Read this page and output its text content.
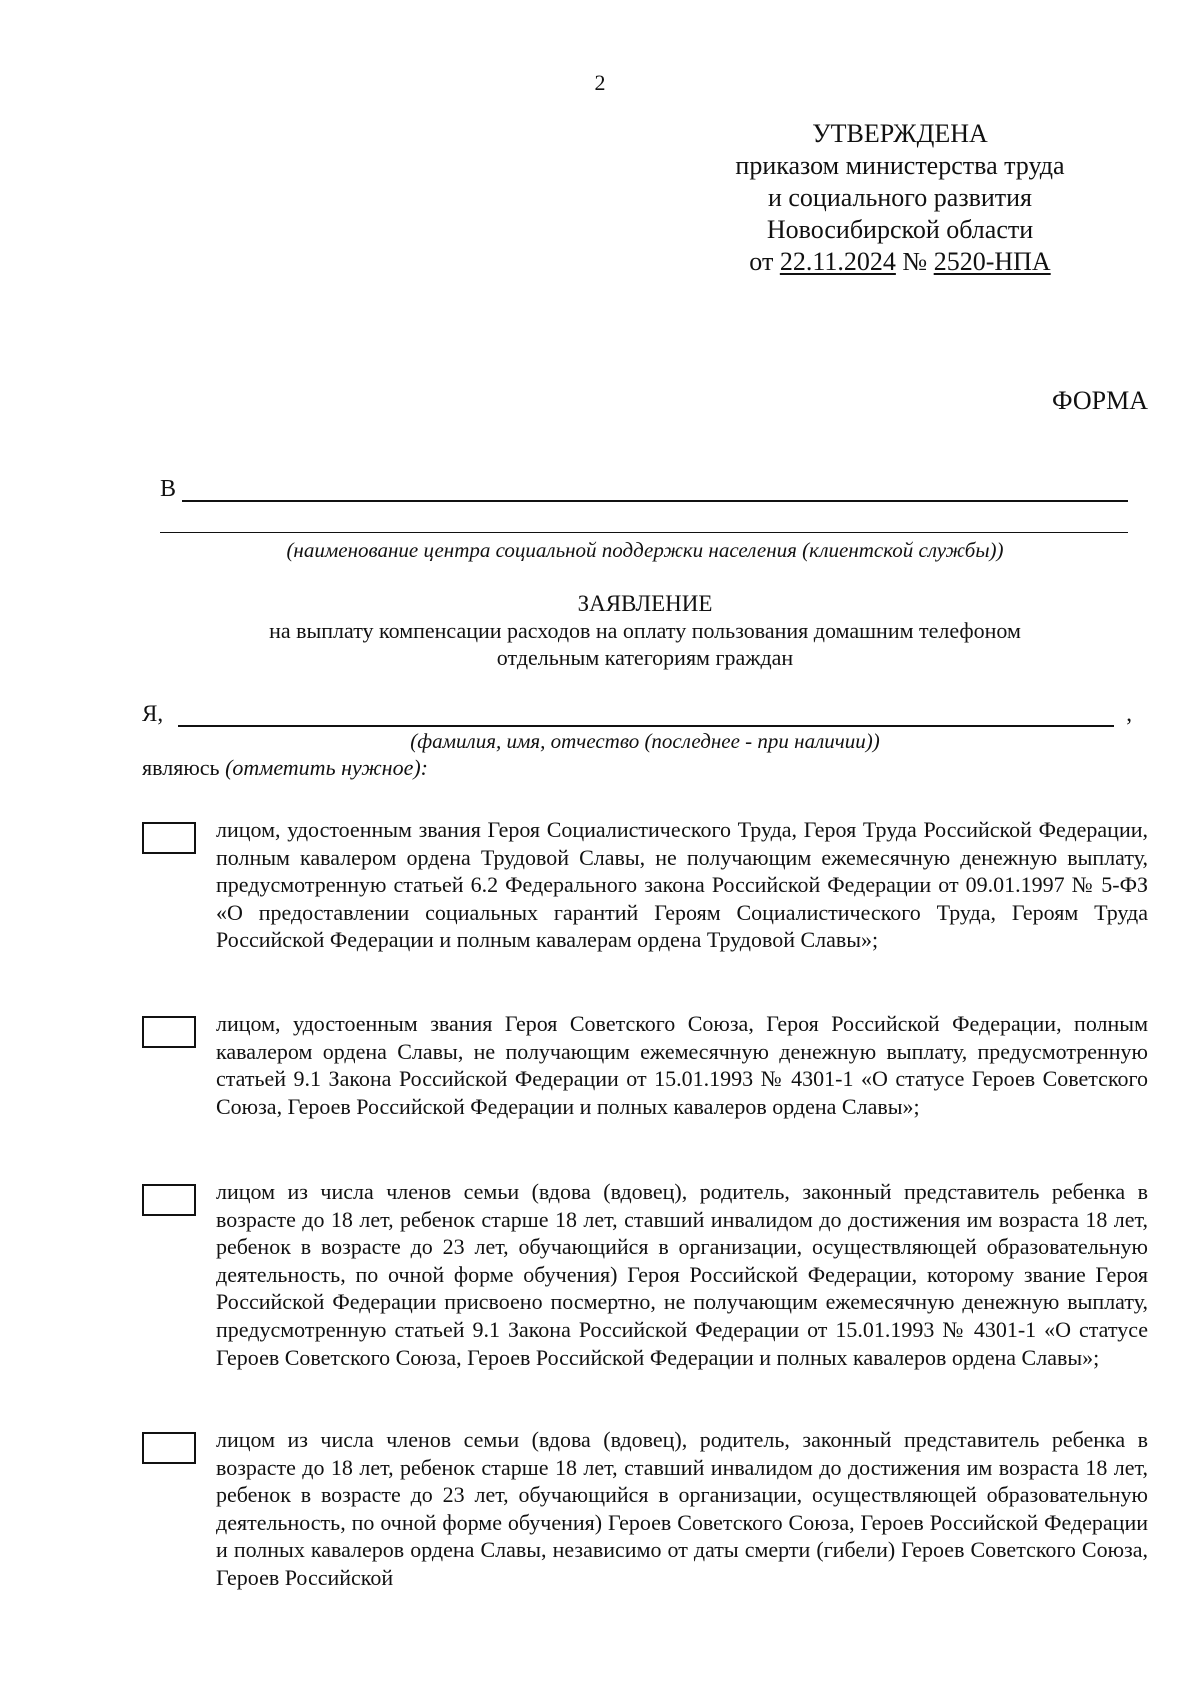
2
УТВЕРЖДЕНА
приказом министерства труда
и социального развития
Новосибирской области
от 22.11.2024 № 2520-НПА
ФОРМА
В
(наименование центра социальной поддержки населения (клиентской службы))
ЗАЯВЛЕНИЕ
на выплату компенсации расходов на оплату пользования домашним телефоном
отдельным категориям граждан
Я,	,
(фамилия, имя, отчество (последнее - при наличии))
являюсь (отметить нужное):
лицом, удостоенным звания Героя Социалистического Труда, Героя Труда Российской Федерации, полным кавалером ордена Трудовой Славы, не получающим ежемесячную денежную выплату, предусмотренную статьей 6.2 Федерального закона Российской Федерации от 09.01.1997 № 5-ФЗ «О предоставлении социальных гарантий Героям Социалистического Труда, Героям Труда Российской Федерации и полным кавалерам ордена Трудовой Славы»;
лицом, удостоенным звания Героя Советского Союза, Героя Российской Федерации, полным кавалером ордена Славы, не получающим ежемесячную денежную выплату, предусмотренную статьей 9.1 Закона Российской Федерации от 15.01.1993 № 4301-1 «О статусе Героев Советского Союза, Героев Российской Федерации и полных кавалеров ордена Славы»;
лицом из числа членов семьи (вдова (вдовец), родитель, законный представитель ребенка в возрасте до 18 лет, ребенок старше 18 лет, ставший инвалидом до достижения им возраста 18 лет, ребенок в возрасте до 23 лет, обучающийся в организации, осуществляющей образовательную деятельность, по очной форме обучения) Героя Российской Федерации, которому звание Героя Российской Федерации присвоено посмертно, не получающим ежемесячную денежную выплату, предусмотренную статьей 9.1 Закона Российской Федерации от 15.01.1993 № 4301-1 «О статусе Героев Советского Союза, Героев Российской Федерации и полных кавалеров ордена Славы»;
лицом из числа членов семьи (вдова (вдовец), родитель, законный представитель ребенка в возрасте до 18 лет, ребенок старше 18 лет, ставший инвалидом до достижения им возраста 18 лет, ребенок в возрасте до 23 лет, обучающийся в организации, осуществляющей образовательную деятельность, по очной форме обучения) Героев Советского Союза, Героев Российской Федерации и полных кавалеров ордена Славы, независимо от даты смерти (гибели) Героев Советского Союза, Героев Российской
